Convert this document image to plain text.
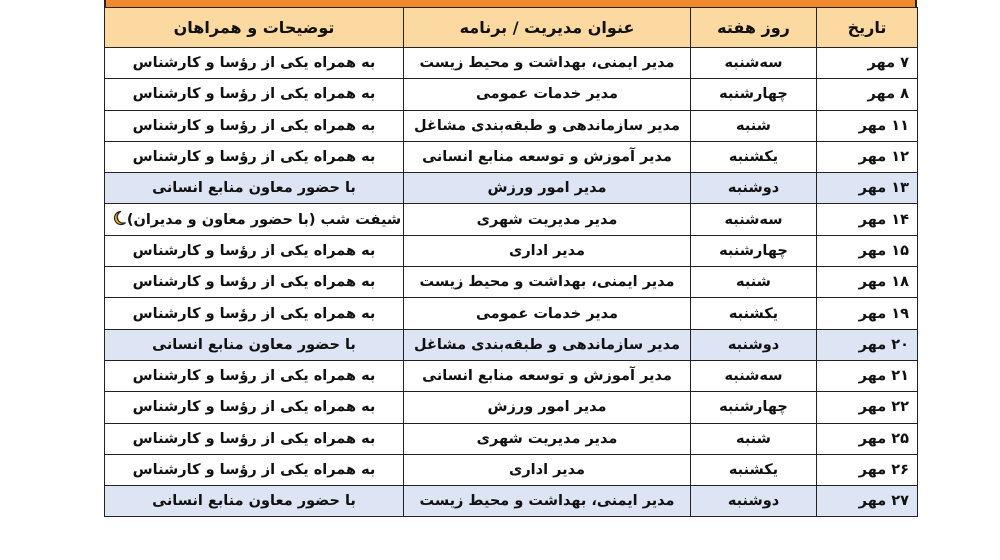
تاریخ	روز هفته	عنوان مدیریت / برنامه	توضیحات و همراهان
۷ مهر	سه‌شنبه	مدیر ایمنی، بهداشت و محیط زیست	به همراه یکی از رؤسا و کارشناس
۸ مهر	چهارشنبه	مدیر خدمات عمومی	به همراه یکی از رؤسا و کارشناس
۱۱ مهر	شنبه	مدیر سازماندهی و طبقه‌بندی مشاغل	به همراه یکی از رؤسا و کارشناس
۱۲ مهر	یکشنبه	مدیر آموزش و توسعه منابع انسانی	به همراه یکی از رؤسا و کارشناس
۱۳ مهر	دوشنبه	مدیر امور ورزش	با حضور معاون منابع انسانی
۱۴ مهر	سه‌شنبه	مدیر مدیریت شهری	شیفت شب (با حضور معاون و مدیران)
۱۵ مهر	چهارشنبه	مدیر اداری	به همراه یکی از رؤسا و کارشناس
۱۸ مهر	شنبه	مدیر ایمنی، بهداشت و محیط زیست	به همراه یکی از رؤسا و کارشناس
۱۹ مهر	یکشنبه	مدیر خدمات عمومی	به همراه یکی از رؤسا و کارشناس
۲۰ مهر	دوشنبه	مدیر سازماندهی و طبقه‌بندی مشاغل	با حضور معاون منابع انسانی
۲۱ مهر	سه‌شنبه	مدیر آموزش و توسعه منابع انسانی	به همراه یکی از رؤسا و کارشناس
۲۲ مهر	چهارشنبه	مدیر امور ورزش	به همراه یکی از رؤسا و کارشناس
۲۵ مهر	شنبه	مدیر مدیریت شهری	به همراه یکی از رؤسا و کارشناس
۲۶ مهر	یکشنبه	مدیر اداری	به همراه یکی از رؤسا و کارشناس
۲۷ مهر	دوشنبه	مدیر ایمنی، بهداشت و محیط زیست	با حضور معاون منابع انسانی
